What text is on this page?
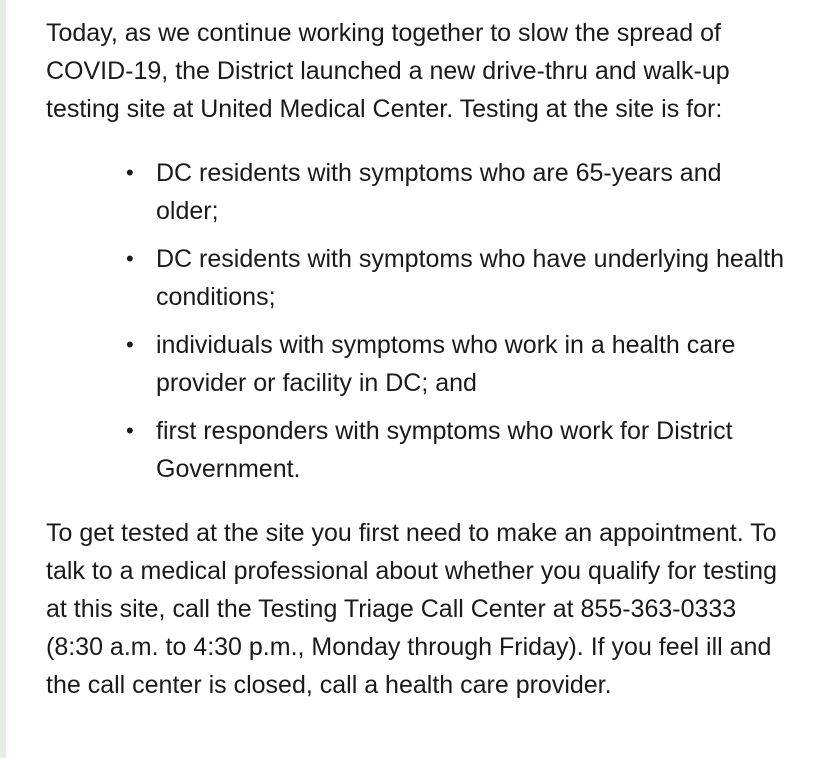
Today, as we continue working together to slow the spread of COVID-19, the District launched a new drive-thru and walk-up testing site at United Medical Center. Testing at the site is for:

• DC residents with symptoms who are 65-years and older;
• DC residents with symptoms who have underlying health conditions;
• individuals with symptoms who work in a health care provider or facility in DC; and
• first responders with symptoms who work for District Government.

To get tested at the site you first need to make an appointment. To talk to a medical professional about whether you qualify for testing at this site, call the Testing Triage Call Center at 855-363-0333 (8:30 a.m. to 4:30 p.m., Monday through Friday). If you feel ill and the call center is closed, call a health care provider.
